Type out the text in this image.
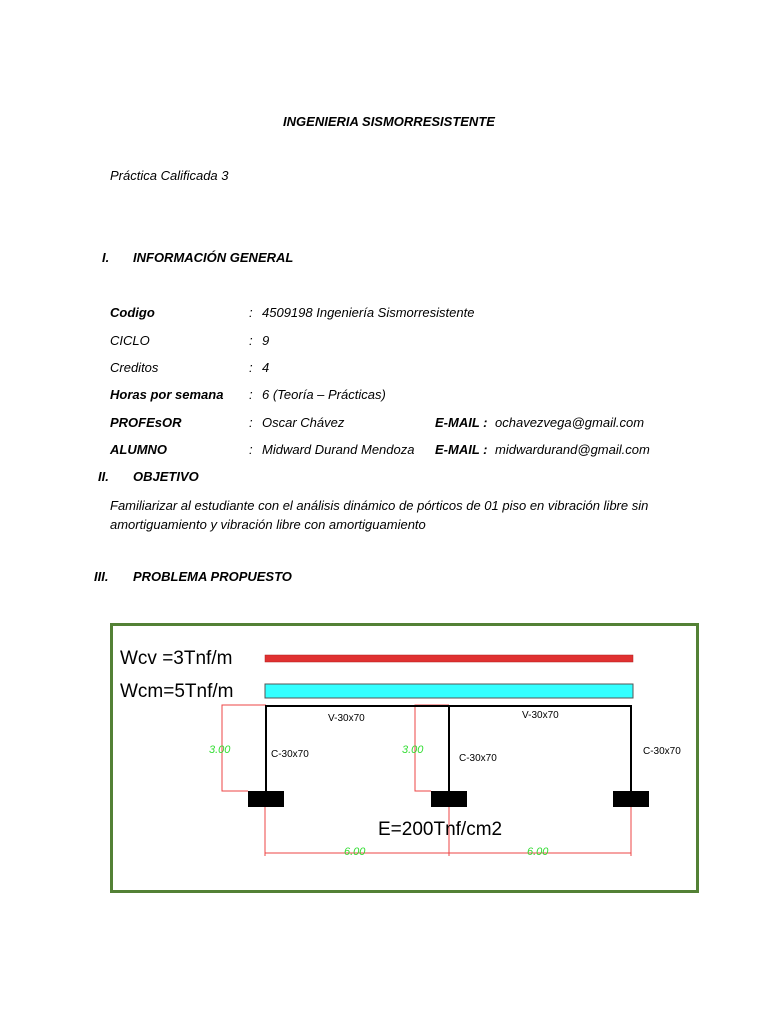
INGENIERIA SISMORRESISTENTE
Práctica Calificada 3
I. INFORMACIÓN GENERAL
Codigo	: 4509198 Ingeniería Sismorresistente
CICLO	: 9
Creditos	: 4
Horas por semana : 6 (Teoría – Prácticas)
PROFEsOR	: Oscar Chávez	E-MAIL : ochavezvega@gmail.com
ALUMNO	: Midward Durand Mendoza E-MAIL : midwardurand@gmail.com
II. OBJETIVO
Familiarizar al estudiante con el análisis dinámico de pórticos de 01 piso en vibración libre sin amortiguamiento y vibración libre con amortiguamiento
III. PROBLEMA PROPUESTO
Wcv =3Tnf/m
Wcm=5Tnf/m
V-30x70	V-30x70
C-30x70	C-30x70
C-30x70
3.00	3.00
6.00	6.00
E=200Tnf/cm2
